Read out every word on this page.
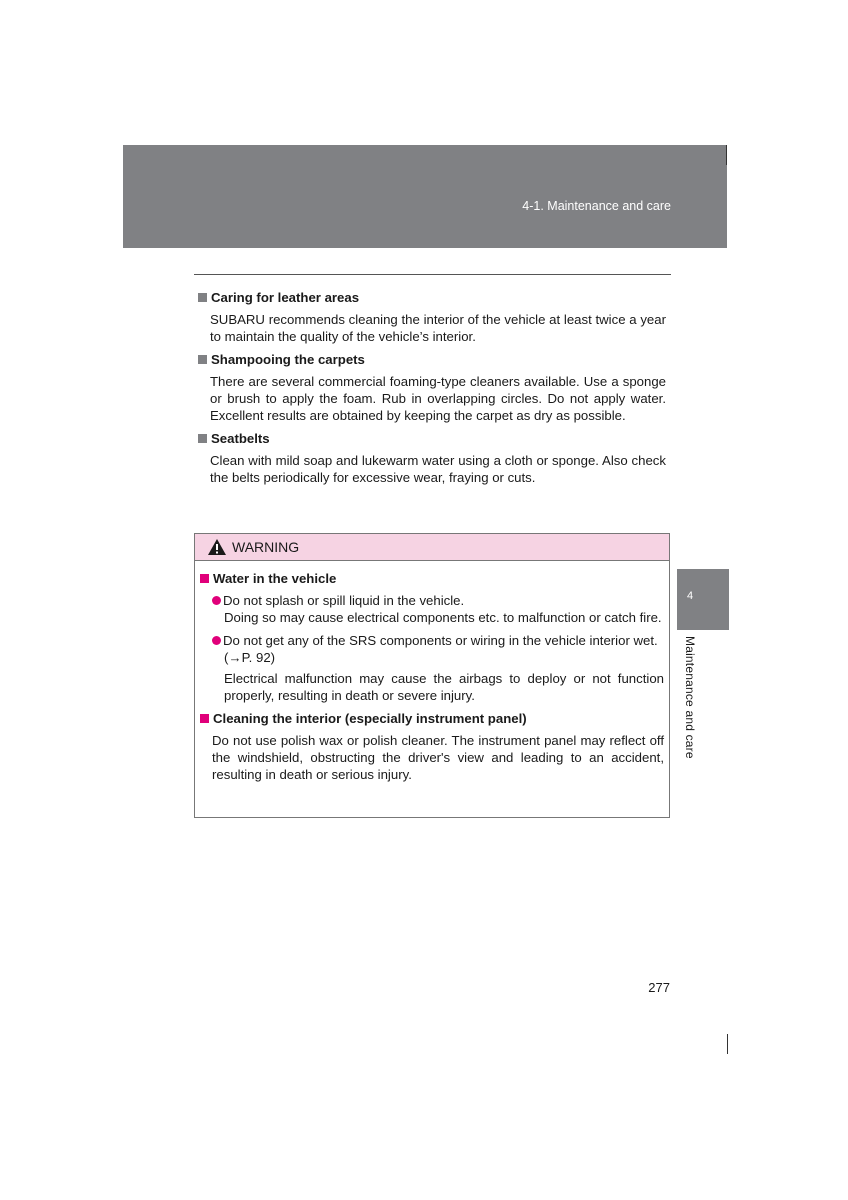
4-1. Maintenance and care
Caring for leather areas

SUBARU recommends cleaning the interior of the vehicle at least twice a year to maintain the quality of the vehicle’s interior.

Shampooing the carpets

There are several commercial foaming-type cleaners available. Use a sponge or brush to apply the foam. Rub in overlapping circles. Do not apply water. Excellent results are obtained by keeping the carpet as dry as possible.

Seatbelts

Clean with mild soap and lukewarm water using a cloth or sponge. Also check the belts periodically for excessive wear, fraying or cuts.

WARNING
Water in the vehicle
Do not splash or spill liquid in the vehicle.
Doing so may cause electrical components etc. to malfunction or catch fire.
Do not get any of the SRS components or wiring in the vehicle interior wet.
(→P. 92)
Electrical malfunction may cause the airbags to deploy or not function properly, resulting in death or severe injury.
Cleaning the interior (especially instrument panel)

Do not use polish wax or polish cleaner. The instrument panel may reflect off the windshield, obstructing the driver's view and leading to an accident, resulting in death or serious injury.

4
Maintenance and care
277
